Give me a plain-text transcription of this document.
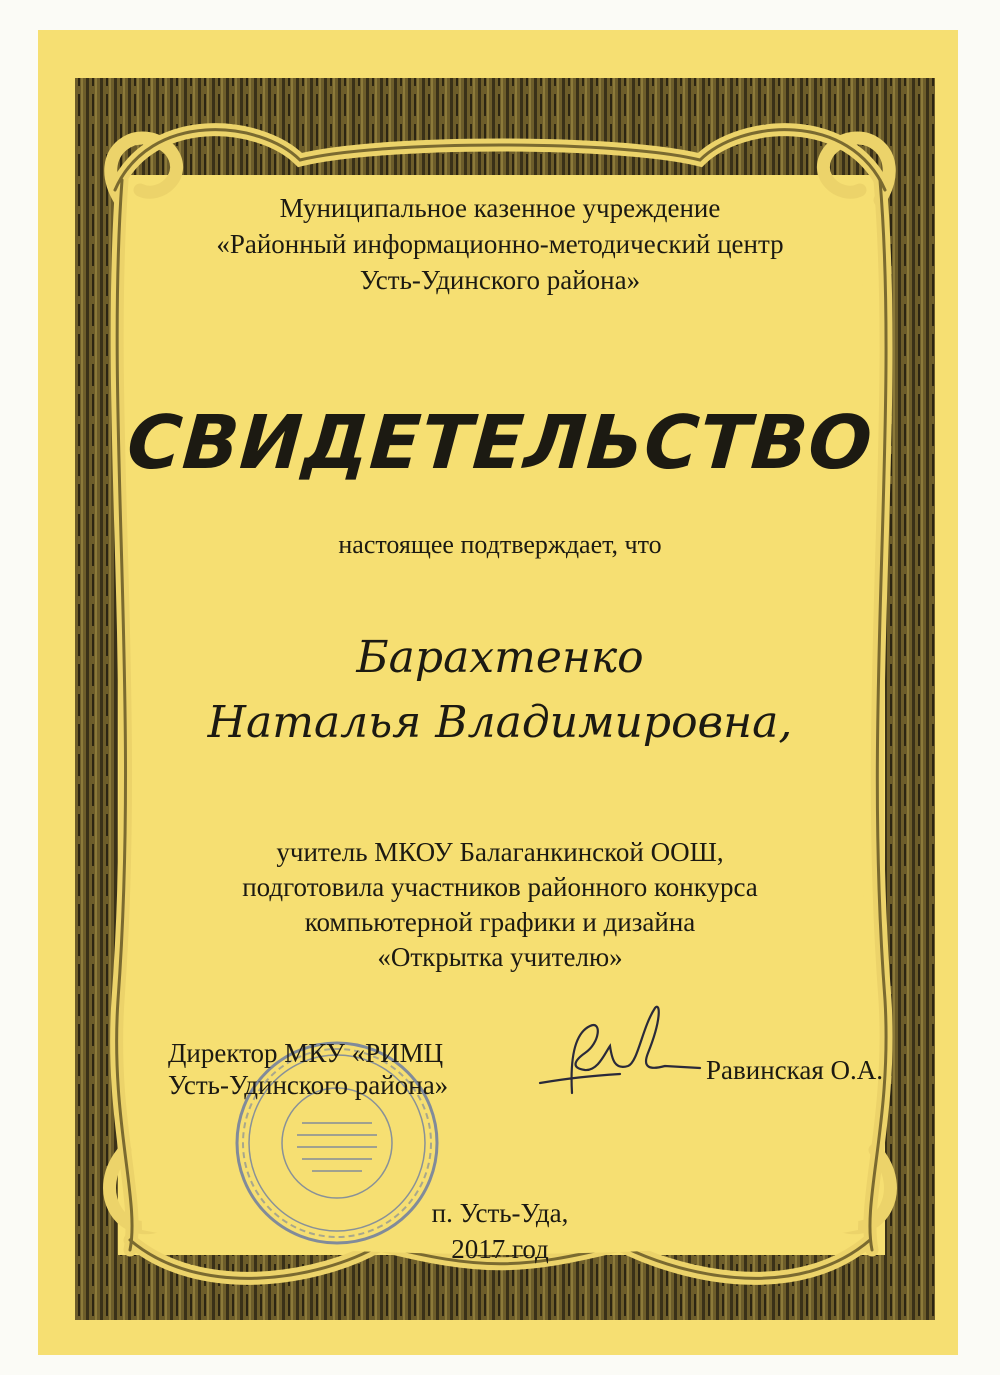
Муниципальное казенное учреждение
«Районный информационно-методический центр
Усть-Удинского района»
СВИДЕТЕЛЬСТВО
настоящее подтверждает, что
Барахтенко
Наталья Владимировна,
учитель МКОУ Балаганкинской ООШ,
подготовила участников районного конкурса
компьютерной графики и дизайна
«Открытка учителю»
Директор МКУ «РИМЦ
Усть-Удинского района»	Равинская О.А.
п. Усть-Уда,
2017 год
